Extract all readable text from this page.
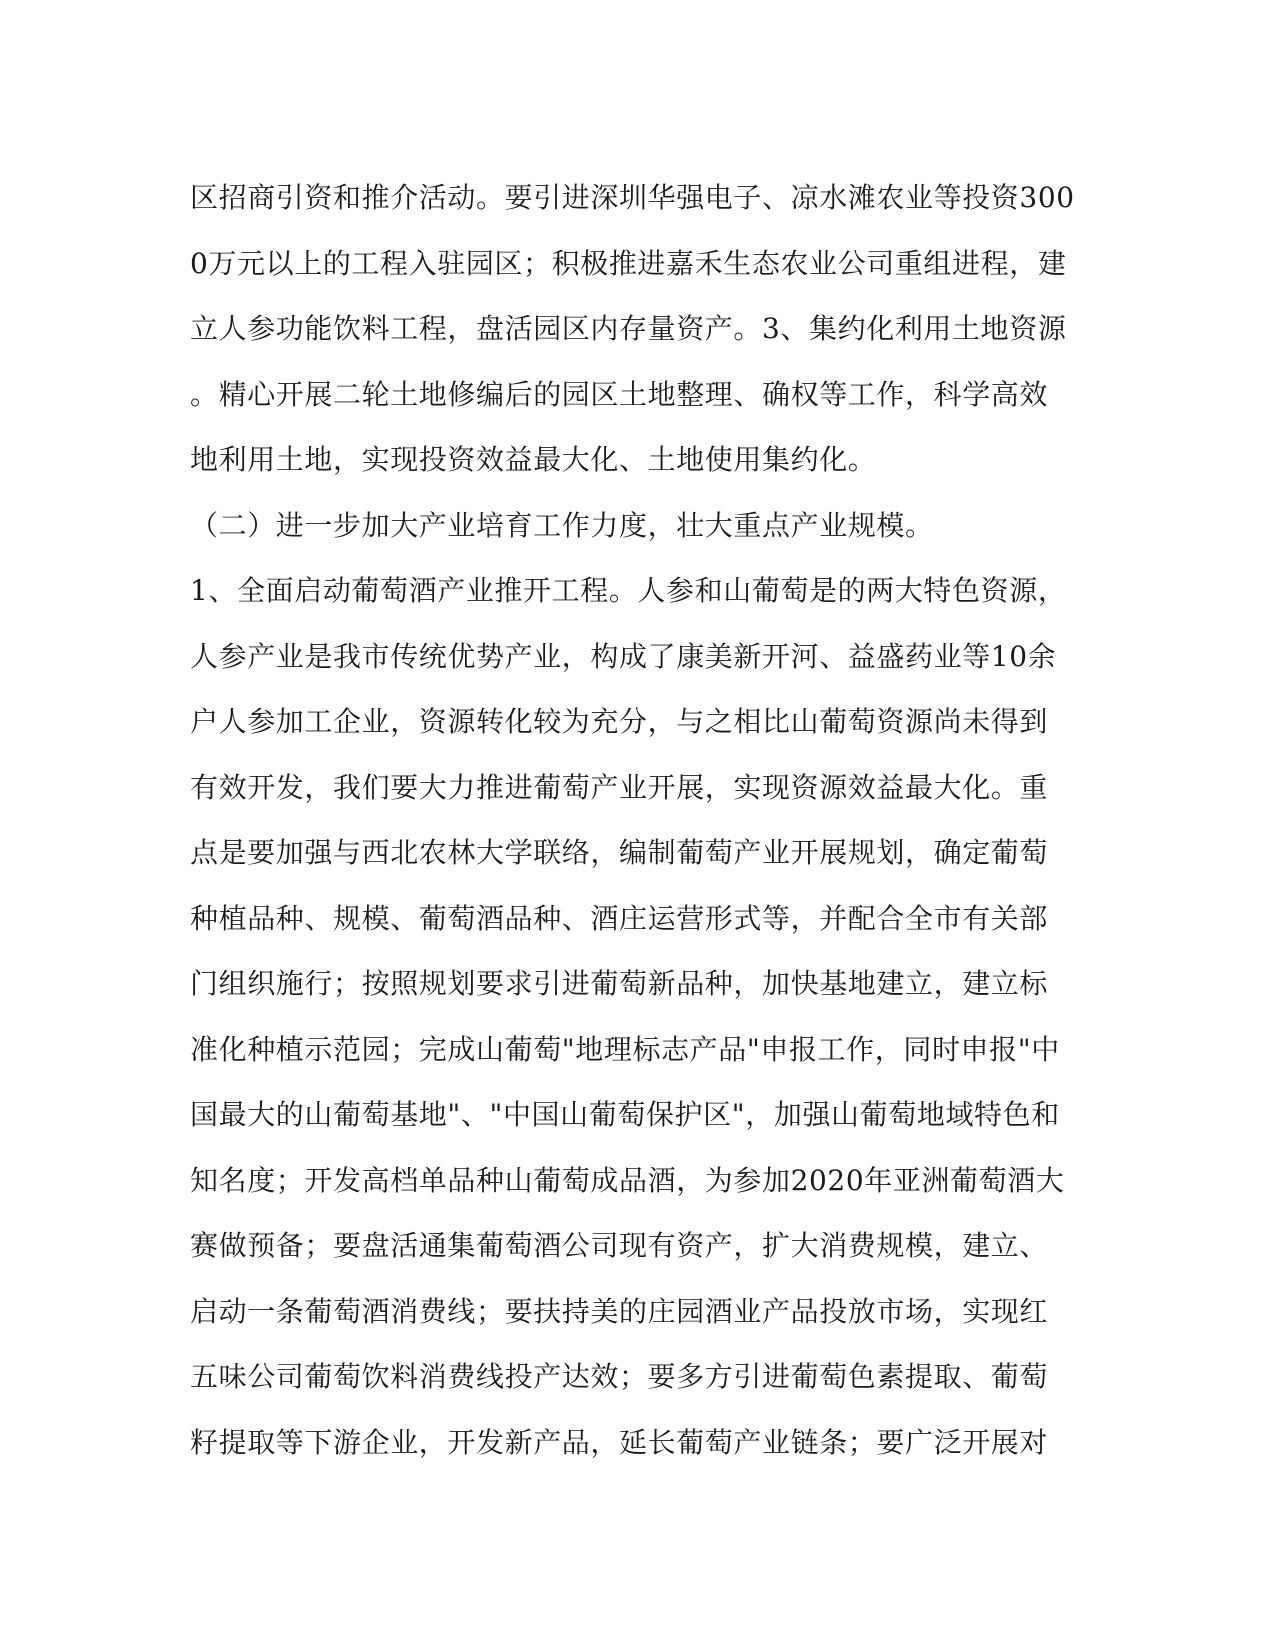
区招商引资和推介活动。要引进深圳华强电子、凉水滩农业等投资300
0万元以上的工程入驻园区；积极推进嘉禾生态农业公司重组进程，建
立人参功能饮料工程，盘活园区内存量资产。3、集约化利用土地资源
。精心开展二轮土地修编后的园区土地整理、确权等工作，科学高效
地利用土地，实现投资效益最大化、土地使用集约化。
（二）进一步加大产业培育工作力度，壮大重点产业规模。
1、全面启动葡萄酒产业推开工程。人参和山葡萄是的两大特色资源，
人参产业是我市传统优势产业，构成了康美新开河、益盛药业等10余
户人参加工企业，资源转化较为充分，与之相比山葡萄资源尚未得到
有效开发，我们要大力推进葡萄产业开展，实现资源效益最大化。重
点是要加强与西北农林大学联络，编制葡萄产业开展规划，确定葡萄
种植品种、规模、葡萄酒品种、酒庄运营形式等，并配合全市有关部
门组织施行；按照规划要求引进葡萄新品种，加快基地建立，建立标
准化种植示范园；完成山葡萄"地理标志产品"申报工作，同时申报"中
国最大的山葡萄基地"、"中国山葡萄保护区"，加强山葡萄地域特色和
知名度；开发高档单品种山葡萄成品酒，为参加2020年亚洲葡萄酒大
赛做预备；要盘活通集葡萄酒公司现有资产，扩大消费规模，建立、
启动一条葡萄酒消费线；要扶持美的庄园酒业产品投放市场，实现红
五味公司葡萄饮料消费线投产达效；要多方引进葡萄色素提取、葡萄
籽提取等下游企业，开发新产品，延长葡萄产业链条；要广泛开展对
